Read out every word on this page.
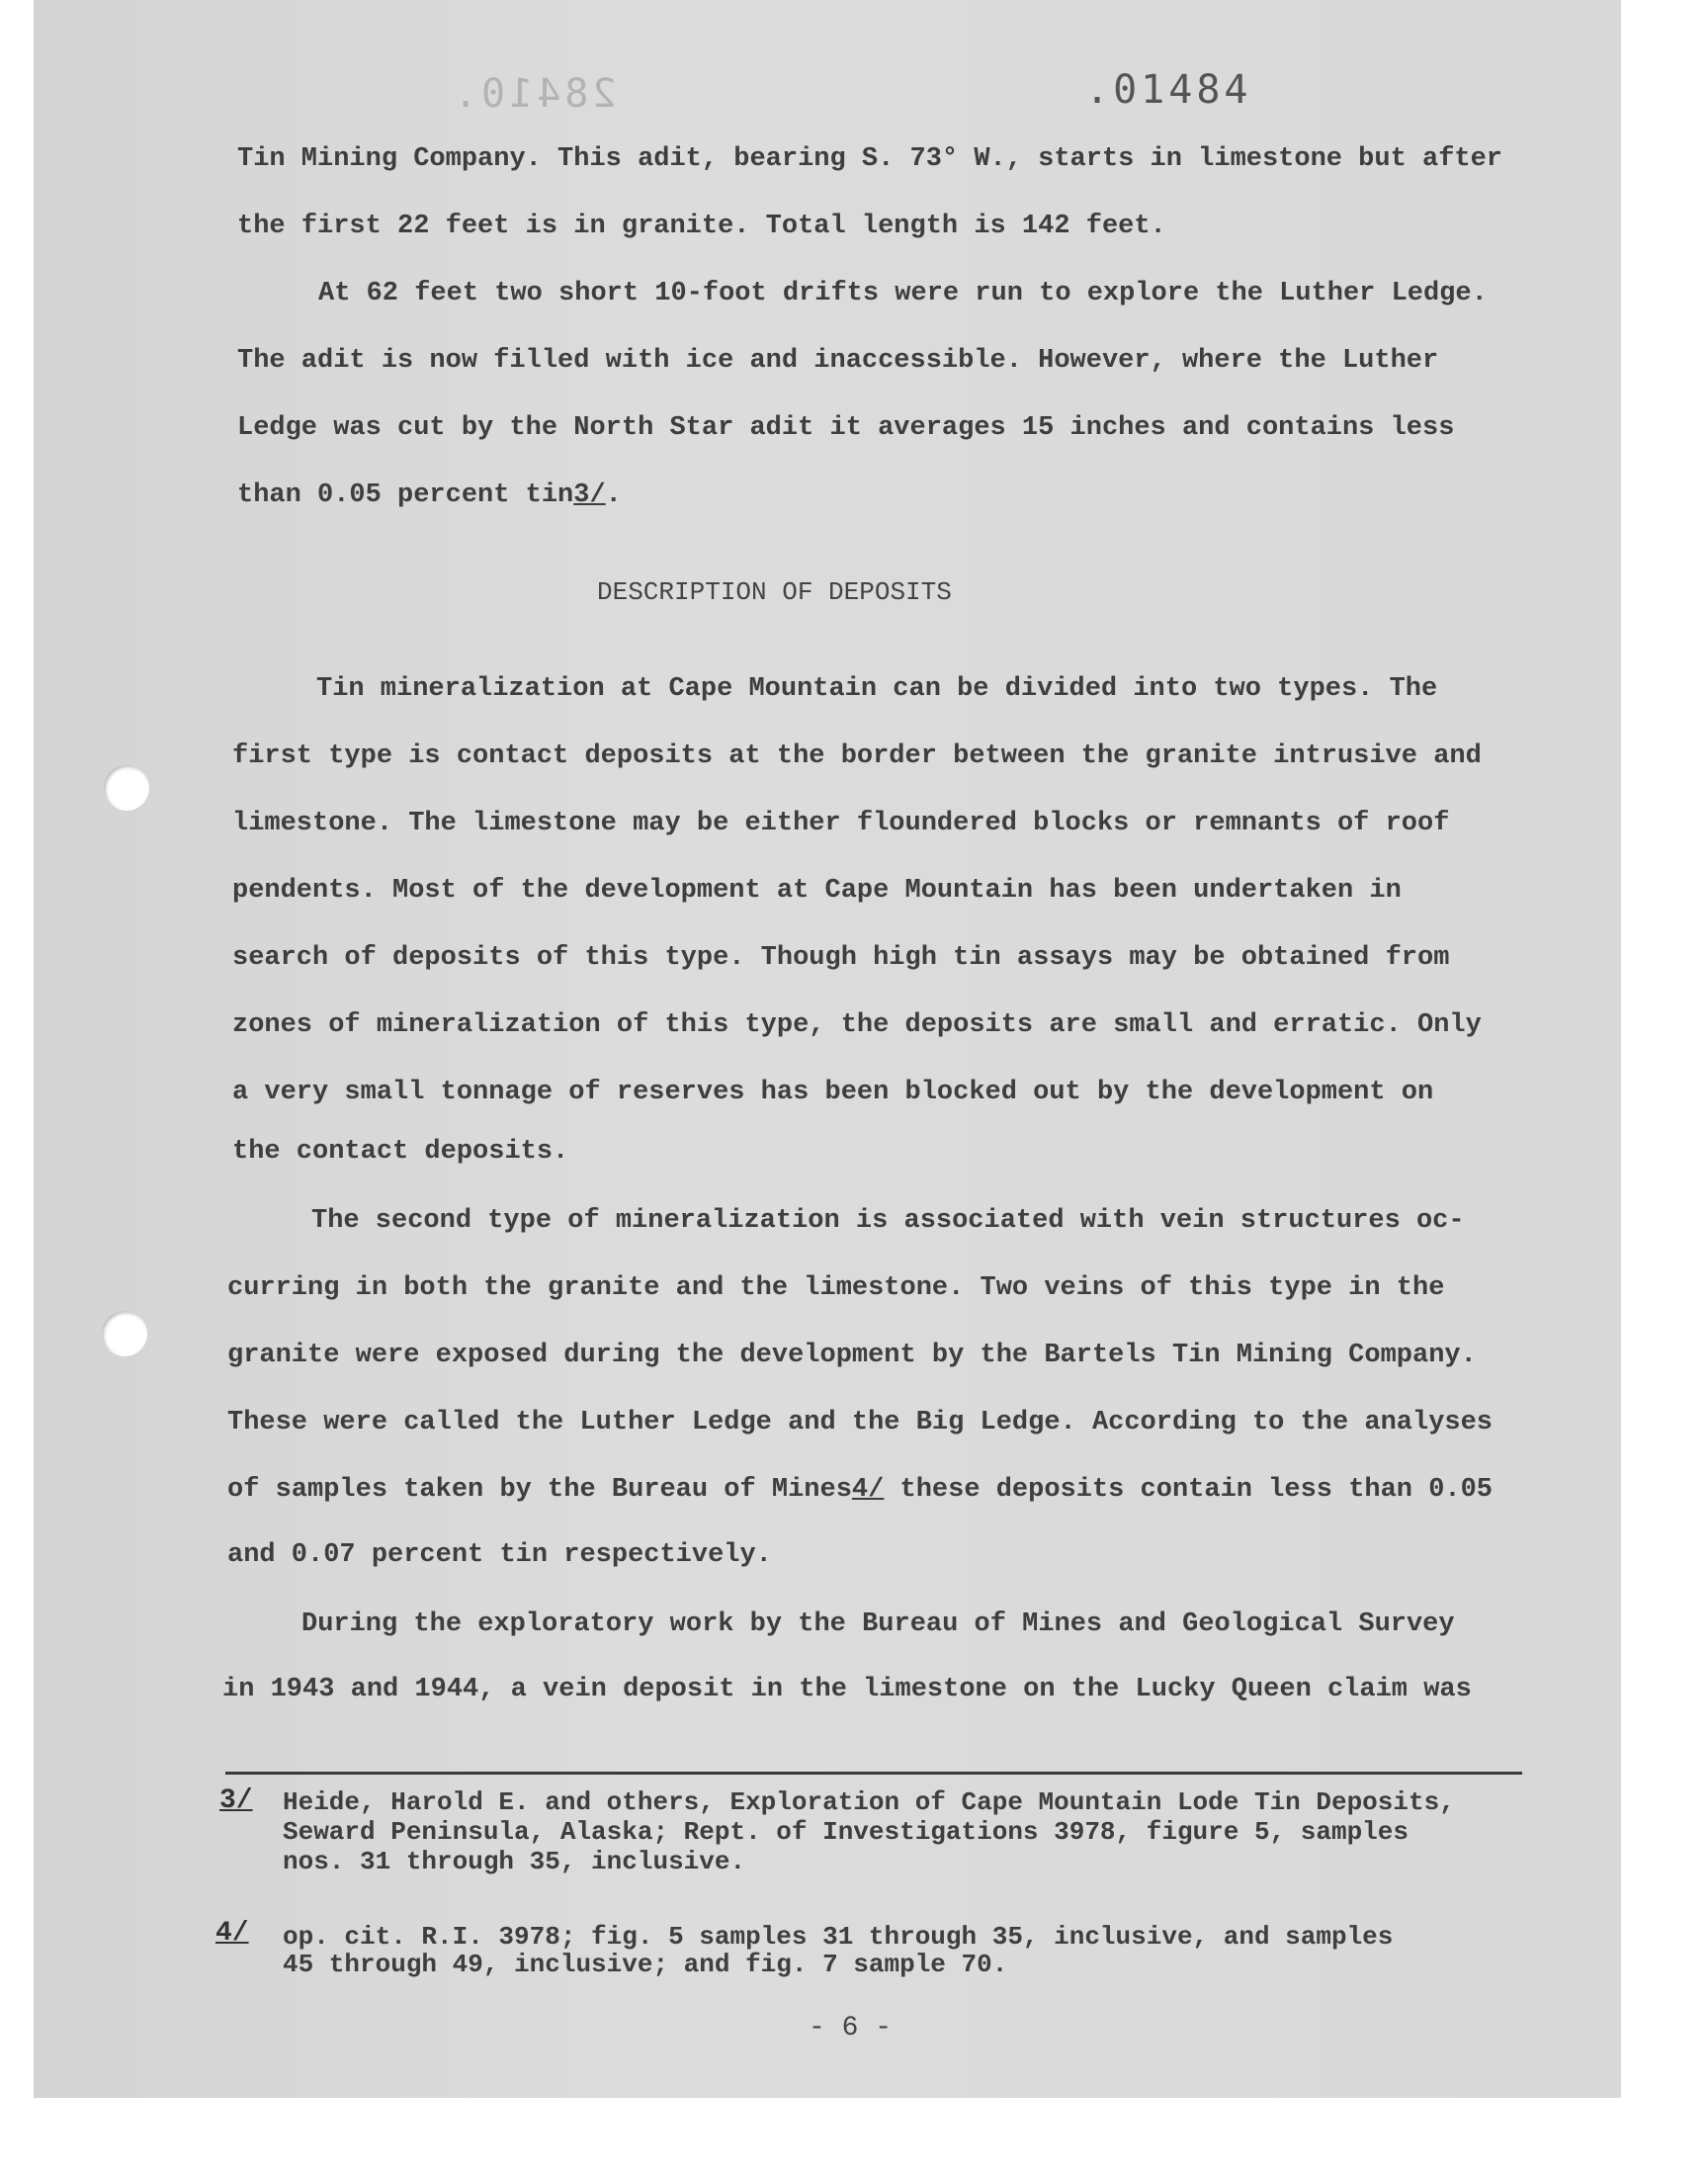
28410.	.01484
Tin Mining Company. This adit, bearing S. 73° W., starts in limestone but after
the first 22 feet is in granite. Total length is 142 feet.
At 62 feet two short 10-foot drifts were run to explore the Luther Ledge.
The adit is now filled with ice and inaccessible. However, where the Luther
Ledge was cut by the North Star adit it averages 15 inches and contains less
than 0.05 percent tin3/.
DESCRIPTION OF DEPOSITS
Tin mineralization at Cape Mountain can be divided into two types. The
first type is contact deposits at the border between the granite intrusive and
limestone. The limestone may be either floundered blocks or remnants of roof
pendents. Most of the development at Cape Mountain has been undertaken in
search of deposits of this type. Though high tin assays may be obtained from
zones of mineralization of this type, the deposits are small and erratic. Only
a very small tonnage of reserves has been blocked out by the development on
the contact deposits.
The second type of mineralization is associated with vein structures oc-
curring in both the granite and the limestone. Two veins of this type in the
granite were exposed during the development by the Bartels Tin Mining Company.
These were called the Luther Ledge and the Big Ledge. According to the analyses
of samples taken by the Bureau of Mines4/ these deposits contain less than 0.05
and 0.07 percent tin respectively.
During the exploratory work by the Bureau of Mines and Geological Survey
in 1943 and 1944, a vein deposit in the limestone on the Lucky Queen claim was
3/ Heide, Harold E. and others, Exploration of Cape Mountain Lode Tin Deposits,
Seward Peninsula, Alaska; Rept. of Investigations 3978, figure 5, samples
nos. 31 through 35, inclusive.
4/ op. cit. R.I. 3978; fig. 5 samples 31 through 35, inclusive, and samples
45 through 49, inclusive; and fig. 7 sample 70.
- 6 -
